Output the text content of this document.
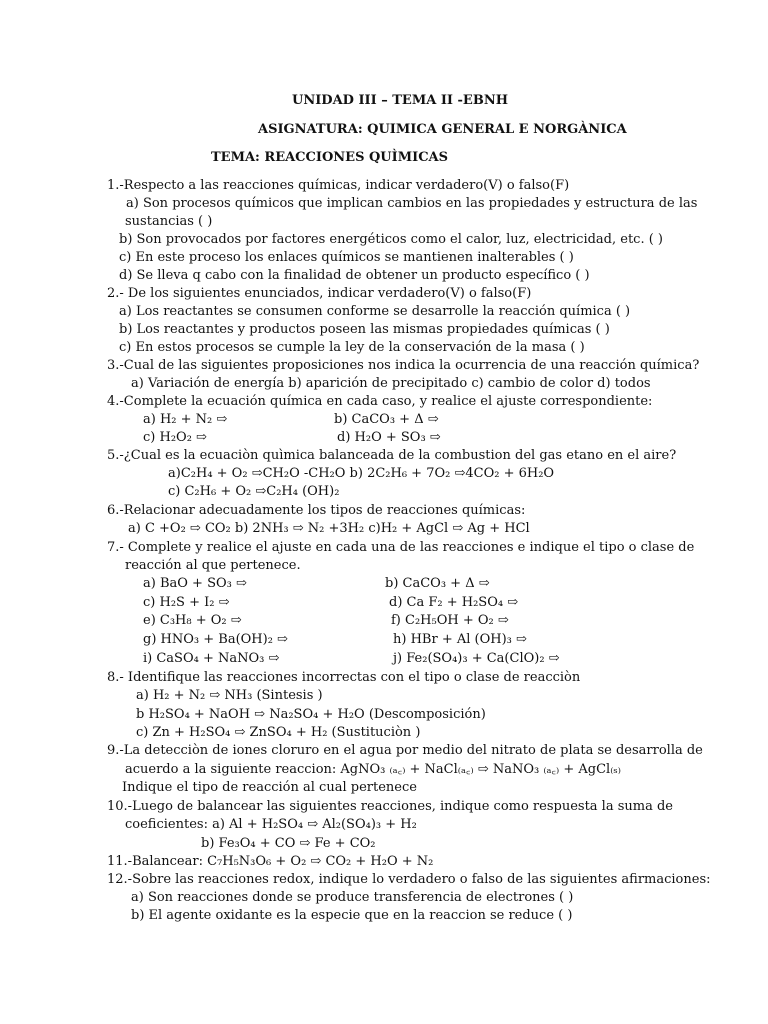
UNIDAD III – TEMA II -EBNH
ASIGNATURA: QUIMICA GENERAL E NORGÀNICA
TEMA: REACCIONES QUÌMICAS
1.-Respecto a las reacciones químicas, indicar verdadero(V) o falso(F)
a) Son procesos químicos que implican cambios en las propiedades y estructura de las
sustancias ( )
b) Son provocados por factores energéticos como el calor, luz, electricidad, etc. ( )
c) En este proceso los enlaces químicos se mantienen inalterables ( )
d) Se lleva q cabo con la finalidad de obtener un producto específico ( )
2.- De los siguientes enunciados, indicar verdadero(V) o falso(F)
a) Los reactantes se consumen conforme se desarrolle la reacción química ( )
b) Los reactantes y productos poseen las mismas propiedades químicas ( )
c) En estos procesos se cumple la ley de la conservación de la masa ( )
3.-Cual de las siguientes proposiciones nos indica la ocurrencia de una reacción química?
a) Variación de energía b) aparición de precipitado c) cambio de color d) todos
4.-Complete la ecuación química en cada caso, y realice el ajuste correspondiente:
a) H₂ + N₂ ⇨	b) CaCO₃ + Δ ⇨
c) H₂O₂ ⇨	d) H₂O + SO₃ ⇨
5.-¿Cual es la ecuaciòn quìmica balanceada de la combustion del gas etano en el aire?
a)C₂H₄ + O₂ ⇨CH₂O -CH₂O b) 2C₂H₆ + 7O₂ ⇨4CO₂ + 6H₂O
c) C₂H₆ + O₂ ⇨C₂H₄ (OH)₂
6.-Relacionar adecuadamente los tipos de reacciones químicas:
a) C +O₂ ⇨ CO₂ b) 2NH₃ ⇨ N₂ +3H₂ c)H₂ + AgCl ⇨ Ag + HCl
7.- Complete y realice el ajuste en cada una de las reacciones e indique el tipo o clase de
reacción al que pertenece.
a) BaO + SO₃ ⇨	b) CaCO₃ + Δ ⇨
c) H₂S + I₂ ⇨	d) Ca F₂ + H₂SO₄ ⇨
e) C₃H₈ + O₂ ⇨	f) C₂H₅OH + O₂ ⇨
g) HNO₃ + Ba(OH)₂ ⇨	h) HBr + Al (OH)₃ ⇨
i) CaSO₄ + NaNO₃ ⇨	j) Fe₂(SO₄)₃ + Ca(ClO)₂ ⇨
8.- Identifique las reacciones incorrectas con el tipo o clase de reacciòn
a) H₂ + N₂ ⇨ NH₃ (Sintesis )
b H₂SO₄ + NaOH ⇨ Na₂SO₄ + H₂O (Descomposición)
c) Zn + H₂SO₄ ⇨ ZnSO₄ + H₂ (Sustituciòn )
9.-La detecciòn de iones cloruro en el agua por medio del nitrato de plata se desarrolla de
acuerdo a la siguiente reaccion: AgNO₃ ₍ₐ꜀₎ + NaCl₍ₐ꜀₎ ⇨ NaNO₃ ₍ₐ꜀₎ + AgCl₍ₛ₎
Indique el tipo de reacción al cual pertenece
10.-Luego de balancear las siguientes reacciones, indique como respuesta la suma de
coeficientes: a) Al + H₂SO₄ ⇨ Al₂(SO₄)₃ + H₂
b) Fe₃O₄ + CO ⇨ Fe + CO₂
11.-Balancear: C₇H₅N₃O₆ + O₂ ⇨ CO₂ + H₂O + N₂
12.-Sobre las reacciones redox, indique lo verdadero o falso de las siguientes afirmaciones:
a) Son reacciones donde se produce transferencia de electrones ( )
b) El agente oxidante es la especie que en la reaccion se reduce ( )
